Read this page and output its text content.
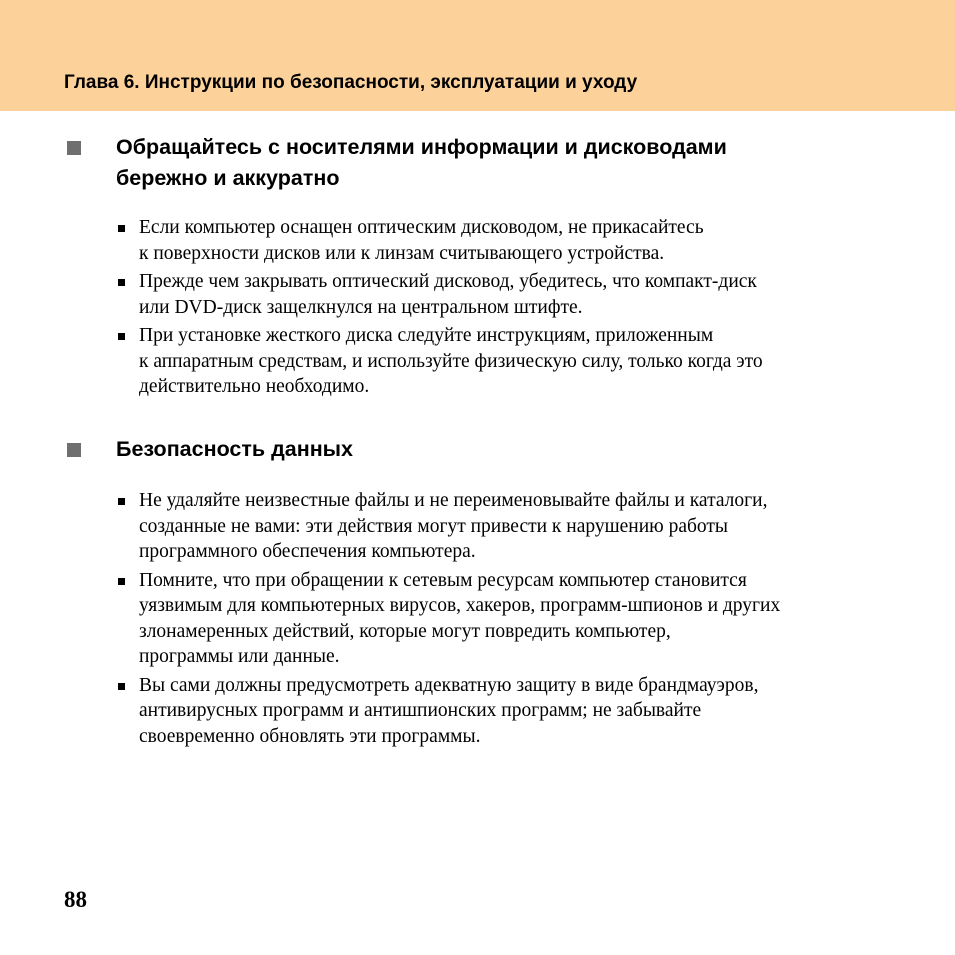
Глава 6. Инструкции по безопасности, эксплуатации и уходу
Обращайтесь с носителями информации и дисководами
бережно и аккуратно
Если компьютер оснащен оптическим дисководом, не прикасайтесь
к поверхности дисков или к линзам считывающего устройства.
Прежде чем закрывать оптический дисковод, убедитесь, что компакт-диск
или DVD-диск защелкнулся на центральном штифте.
При установке жесткого диска следуйте инструкциям, приложенным
к аппаратным средствам, и используйте физическую силу, только когда это
действительно необходимо.
Безопасность данных
Не удаляйте неизвестные файлы и не переименовывайте файлы и каталоги,
созданные не вами: эти действия могут привести к нарушению работы
программного обеспечения компьютера.
Помните, что при обращении к сетевым ресурсам компьютер становится
уязвимым для компьютерных вирусов, хакеров, программ-шпионов и других
злонамеренных действий, которые могут повредить компьютер,
программы или данные.
Вы сами должны предусмотреть адекватную защиту в виде брандмауэров,
антивирусных программ и антишпионских программ; не забывайте
своевременно обновлять эти программы.
88
